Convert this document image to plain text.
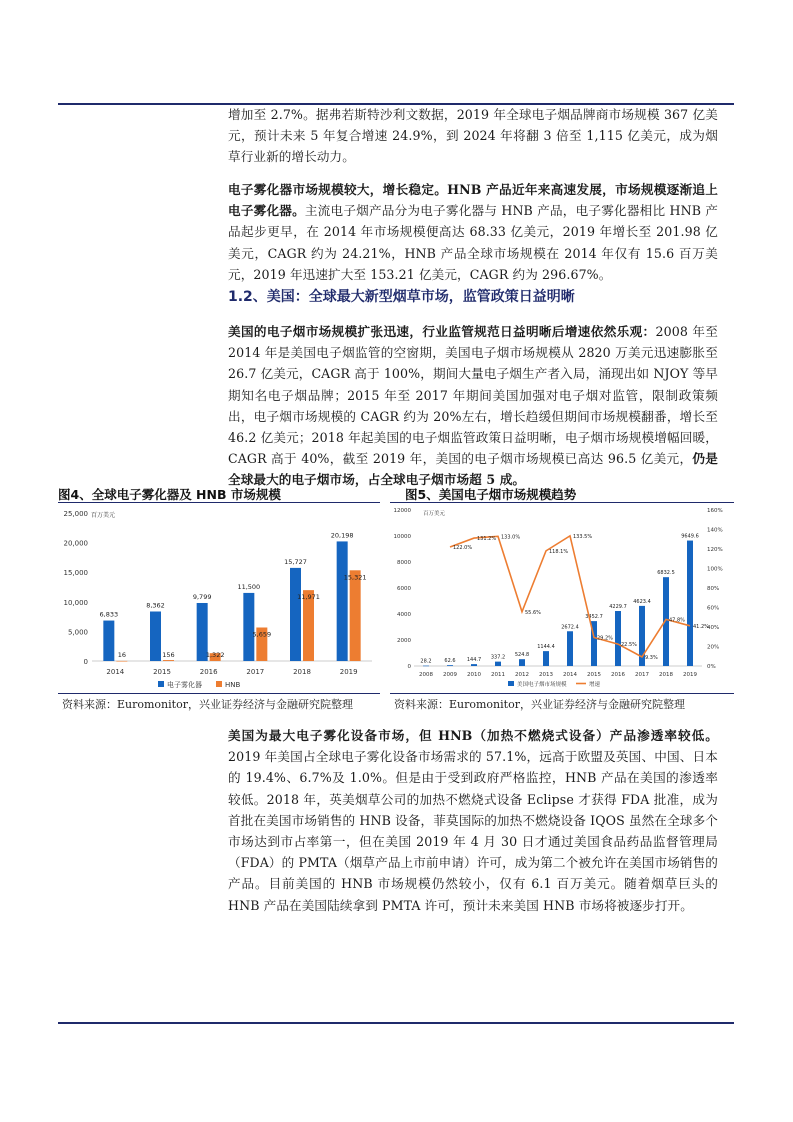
增加至 2.7%。据弗若斯特沙利文数据，2019 年全球电子烟品牌商市场规模 367 亿美元，预计未来 5 年复合增速 24.9%，到 2024 年将翻 3 倍至 1,115 亿美元，成为烟草行业新的增长动力。
电子雾化器市场规模较大，增长稳定。HNB 产品近年来高速发展，市场规模逐渐追上电子雾化器。主流电子烟产品分为电子雾化器与 HNB 产品，电子雾化器相比 HNB 产品起步更早，在 2014 年市场规模便高达 68.33 亿美元，2019 年增长至 201.98 亿美元，CAGR 约为 24.21%，HNB 产品全球市场规模在 2014 年仅有 15.6 百万美元，2019 年迅速扩大至 153.21 亿美元，CAGR 约为 296.67%。
1.2、美国：全球最大新型烟草市场，监管政策日益明晰
美国的电子烟市场规模扩张迅速，行业监管规范日益明晰后增速依然乐观：2008 年至 2014 年是美国电子烟监管的空窗期，美国电子烟市场规模从 2820 万美元迅速膨胀至 26.7 亿美元，CAGR 高于 100%，期间大量电子烟生产者入局，涌现出如 NJOY 等早期知名电子烟品牌；2015 年至 2017 年期间美国加强对电子烟对监管，限制政策频出，电子烟市场规模的 CAGR 约为 20%左右，增长趋缓但期间市场规模翻番，增长至 46.2 亿美元；2018 年起美国的电子烟监管政策日益明晰，电子烟市场规模增幅回暖，CAGR 高于 40%，截至 2019 年，美国的电子烟市场规模已高达 96.5 亿美元，仍是全球最大的电子烟市场，占全球电子烟市场超 5 成。
图4、全球电子雾化器及 HNB 市场规模
百万美元
25,000
20,000
15,000
10,000
5,000
0
6,833
16
2014
8,362
156
2015
9,799
1,322
2016
11,500
5,659
2017
15,727
11,971
2018
20,198
15,321
2019
电子雾化器	HNB
资料来源：Euromonitor，兴业证券经济与金融研究院整理
图5、美国电子烟市场规模趋势
百万美元
12000
10000
8000
6000
4000
2000
0
160%
140%
120%
100%
80%
60%
40%
20%
0%
28.2
2008
62.6
2009
144.7
2010
337.2
2011
524.8
2012
1144.4
2013
2672.4
2014
3452.7
2015
4229.7
2016
4623.4
2017
6832.5
2018
9649.6
2019
122.0%
131.2% 133.0%
55.6%
118.1%
133.5%
29.2%
22.5%
9.3%
47.8%
41.2%
美国电子烟市场规模	增速
资料来源：Euromonitor，兴业证券经济与金融研究院整理
美国为最大电子雾化设备市场，但 HNB（加热不燃烧式设备）产品渗透率较低。2019 年美国占全球电子雾化设备市场需求的 57.1%，远高于欧盟及英国、中国、日本的 19.4%、6.7%及 1.0%。但是由于受到政府严格监控，HNB 产品在美国的渗透率较低。2018 年，英美烟草公司的加热不燃烧式设备 Eclipse 才获得 FDA 批准，成为首批在美国市场销售的 HNB 设备，菲莫国际的加热不燃烧设备 IQOS 虽然在全球多个市场达到市占率第一，但在美国 2019 年 4 月 30 日才通过美国食品药品监督管理局（FDA）的 PMTA（烟草产品上市前申请）许可，成为第二个被允许在美国市场销售的产品。目前美国的 HNB 市场规模仍然较小，仅有 6.1 百万美元。随着烟草巨头的 HNB 产品在美国陆续拿到 PMTA 许可，预计未来美国 HNB 市场将被逐步打开。
